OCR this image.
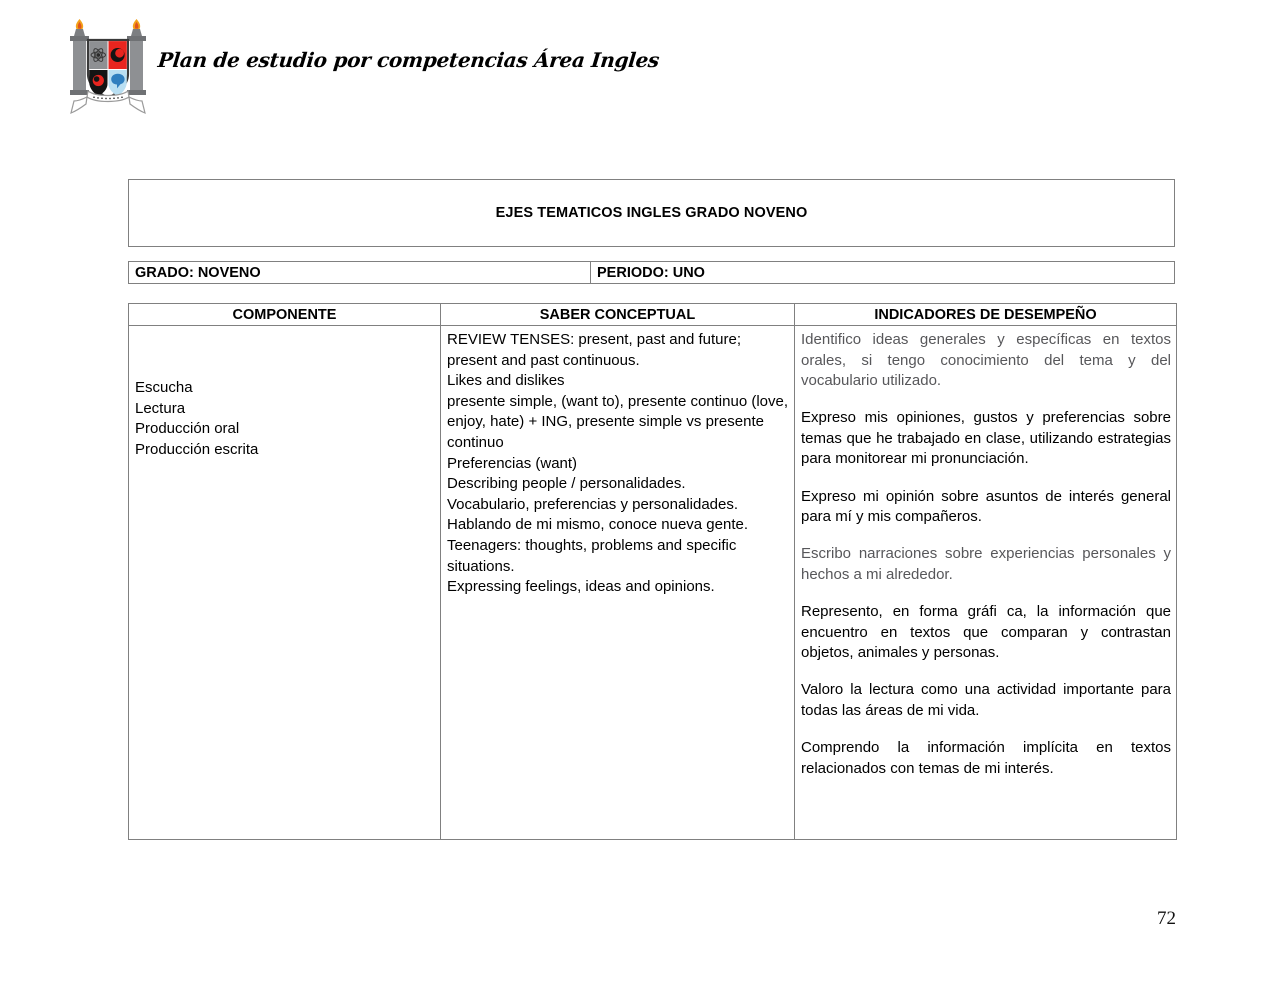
Plan de estudio por competencias Área Ingles
EJES TEMATICOS INGLES GRADO NOVENO
GRADO: NOVENO	PERIODO: UNO
COMPONENTE	SABER CONCEPTUAL	INDICADORES DE DESEMPEÑO

Escucha
Lectura
Producción oral
Producción escrita

REVIEW TENSES: present, past and future; present and past continuous.
Likes and dislikes
presente simple, (want to), presente continuo (love, enjoy, hate) + ING, presente simple vs presente continuo
Preferencias (want)
Describing people / personalidades.
Vocabulario, preferencias y personalidades.
Hablando de mi mismo, conoce nueva gente.
Teenagers: thoughts, problems and specific situations.
Expressing feelings, ideas and opinions.

Identifico ideas generales y específicas en textos orales, si tengo conocimiento del tema y del vocabulario utilizado.

Expreso mis opiniones, gustos y preferencias sobre temas que he trabajado en clase, utilizando estrategias para monitorear mi pronunciación.

Expreso mi opinión sobre asuntos de interés general para mí y mis compañeros.

Escribo narraciones sobre experiencias personales y hechos a mi alrededor.

Represento, en forma gráfi ca, la información que encuentro en textos que comparan y contrastan objetos, animales y personas.

Valoro la lectura como una actividad importante para todas las áreas de mi vida.

Comprendo la información implícita en textos relacionados con temas de mi interés.

72
